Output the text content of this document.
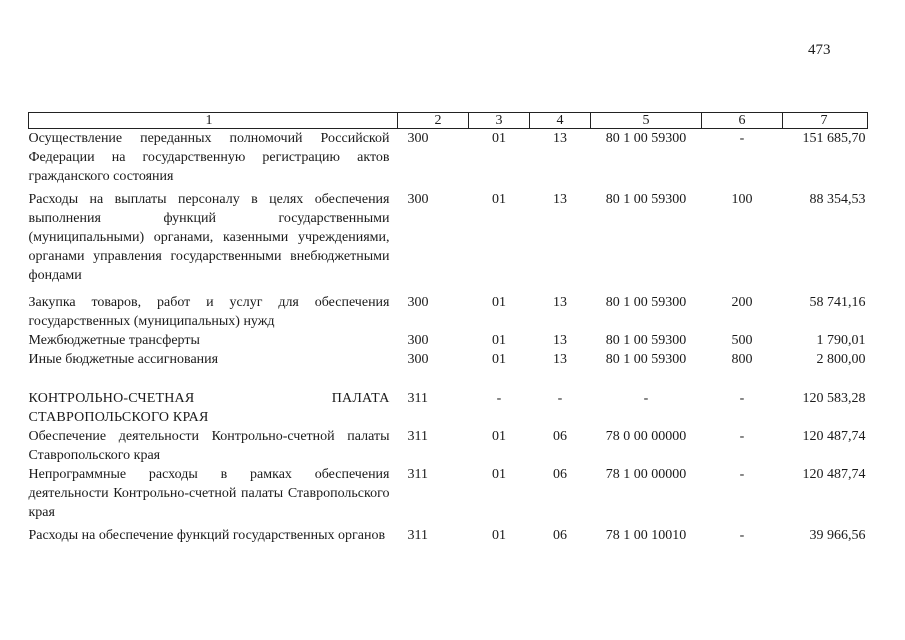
473
1	2	3	4	5	6	7
Осуществление переданных полномочий Российской Федерации на государственную регистрацию актов гражданского состояния	300	01	13	80 1 00 59300	-	151 685,70
Расходы на выплаты персоналу в целях обеспечения выполнения функций государственными (муниципальными) органами, казенными учреждениями, органами управления государственными внебюджетными фондами	300	01	13	80 1 00 59300	100	88 354,53
Закупка товаров, работ и услуг для обеспечения государственных (муниципальных) нужд	300	01	13	80 1 00 59300	200	58 741,16
Межбюджетные трансферты	300	01	13	80 1 00 59300	500	1 790,01
Иные бюджетные ассигнования	300	01	13	80 1 00 59300	800	2 800,00

КОНТРОЛЬНО-СЧЕТНАЯ ПАЛАТА СТАВРОПОЛЬСКОГО КРАЯ	311	-	-	-	-	120 583,28
Обеспечение деятельности Контрольно-счетной палаты Ставропольского края	311	01	06	78 0 00 00000	-	120 487,74
Непрограммные расходы в рамках обеспечения деятельности Контрольно-счетной палаты Ставропольского края	311	01	06	78 1 00 00000	-	120 487,74
Расходы на обеспечение функций государственных органов	311	01	06	78 1 00 10010	-	39 966,56
